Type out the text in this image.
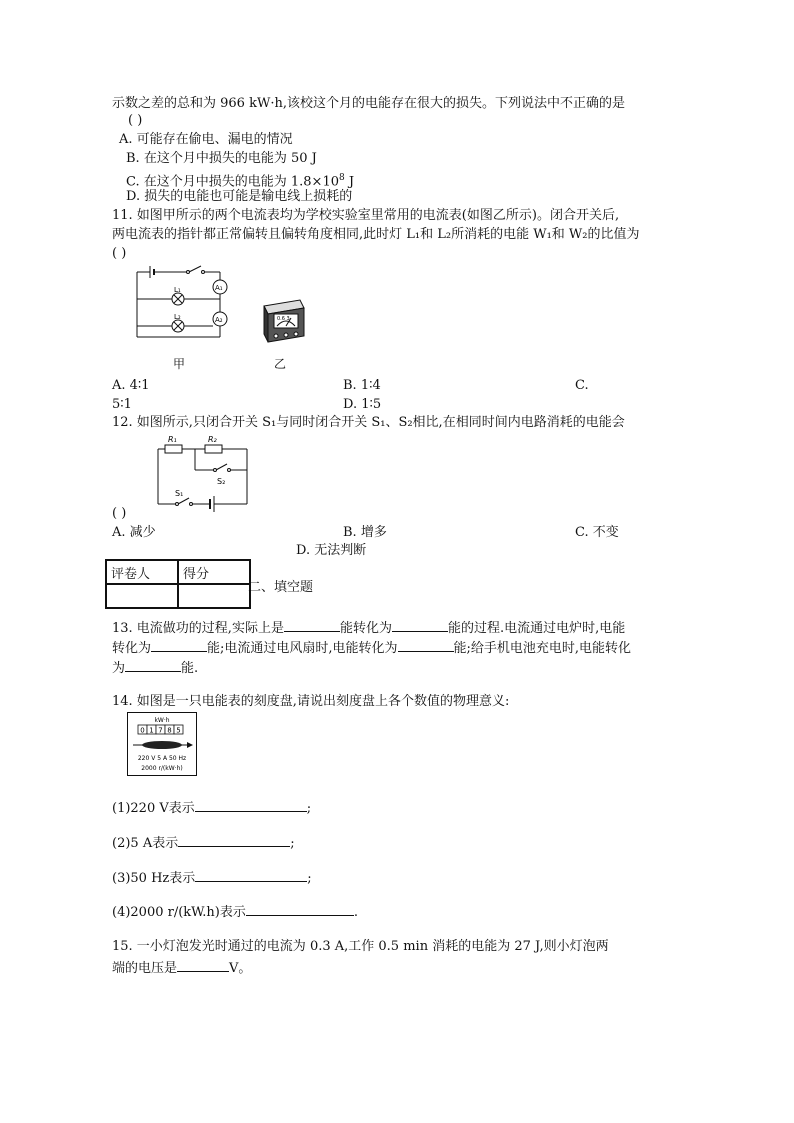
示数之差的总和为 966 kW·h,该校这个月的电能存在很大的损失。下列说法中不正确的是
( )
A. 可能存在偷电、漏电的情况
B. 在这个月中损失的电能为 50 J
C. 在这个月中损失的电能为 $1.8\times 10^8$ J
D. 损失的电能也可能是输电线上损耗的
11. 如图甲所示的两个电流表均为学校实验室里常用的电流表(如图乙所示)。闭合开关后,
两电流表的指针都正常偏转且偏转角度相同,此时灯 L₁和 L₂所消耗的电能 W₁和 W₂的比值为
( )
L₁
L₂
A₁
A₂	0.6 3
甲	乙
A. 4∶1	B. 1∶4	C.
5∶1	D. 1∶5
12. 如图所示,只闭合开关 S₁与同时闭合开关 S₁、S₂相比,在相同时间内电路消耗的电能会
R₁	R₂
S₂
S₁
( )
A. 减少	B. 增多	C. 不变
D. 无法判断
评卷人	得分

二、填空题
13. 电流做功的过程,实际上是	能转化为	能的过程.电流通过电炉时,电能
转化为	能;电流通过电风扇时,电能转化为	能;给手机电池充电时,电能转化
为	能.
14. 如图是一只电能表的刻度盘,请说出刻度盘上各个数值的物理意义:
kW·h
0 1 7 8 5
220 V 5 A 50 Hz
2000 r/(kW·h)
(1)220 V表示	;
(2)5 A表示	;
(3)50 Hz表示	;
(4)2000 r/(kW.h)表示	.
15. 一小灯泡发光时通过的电流为 0.3 A,工作 0.5 min 消耗的电能为 27 J,则小灯泡两
端的电压是	V。
